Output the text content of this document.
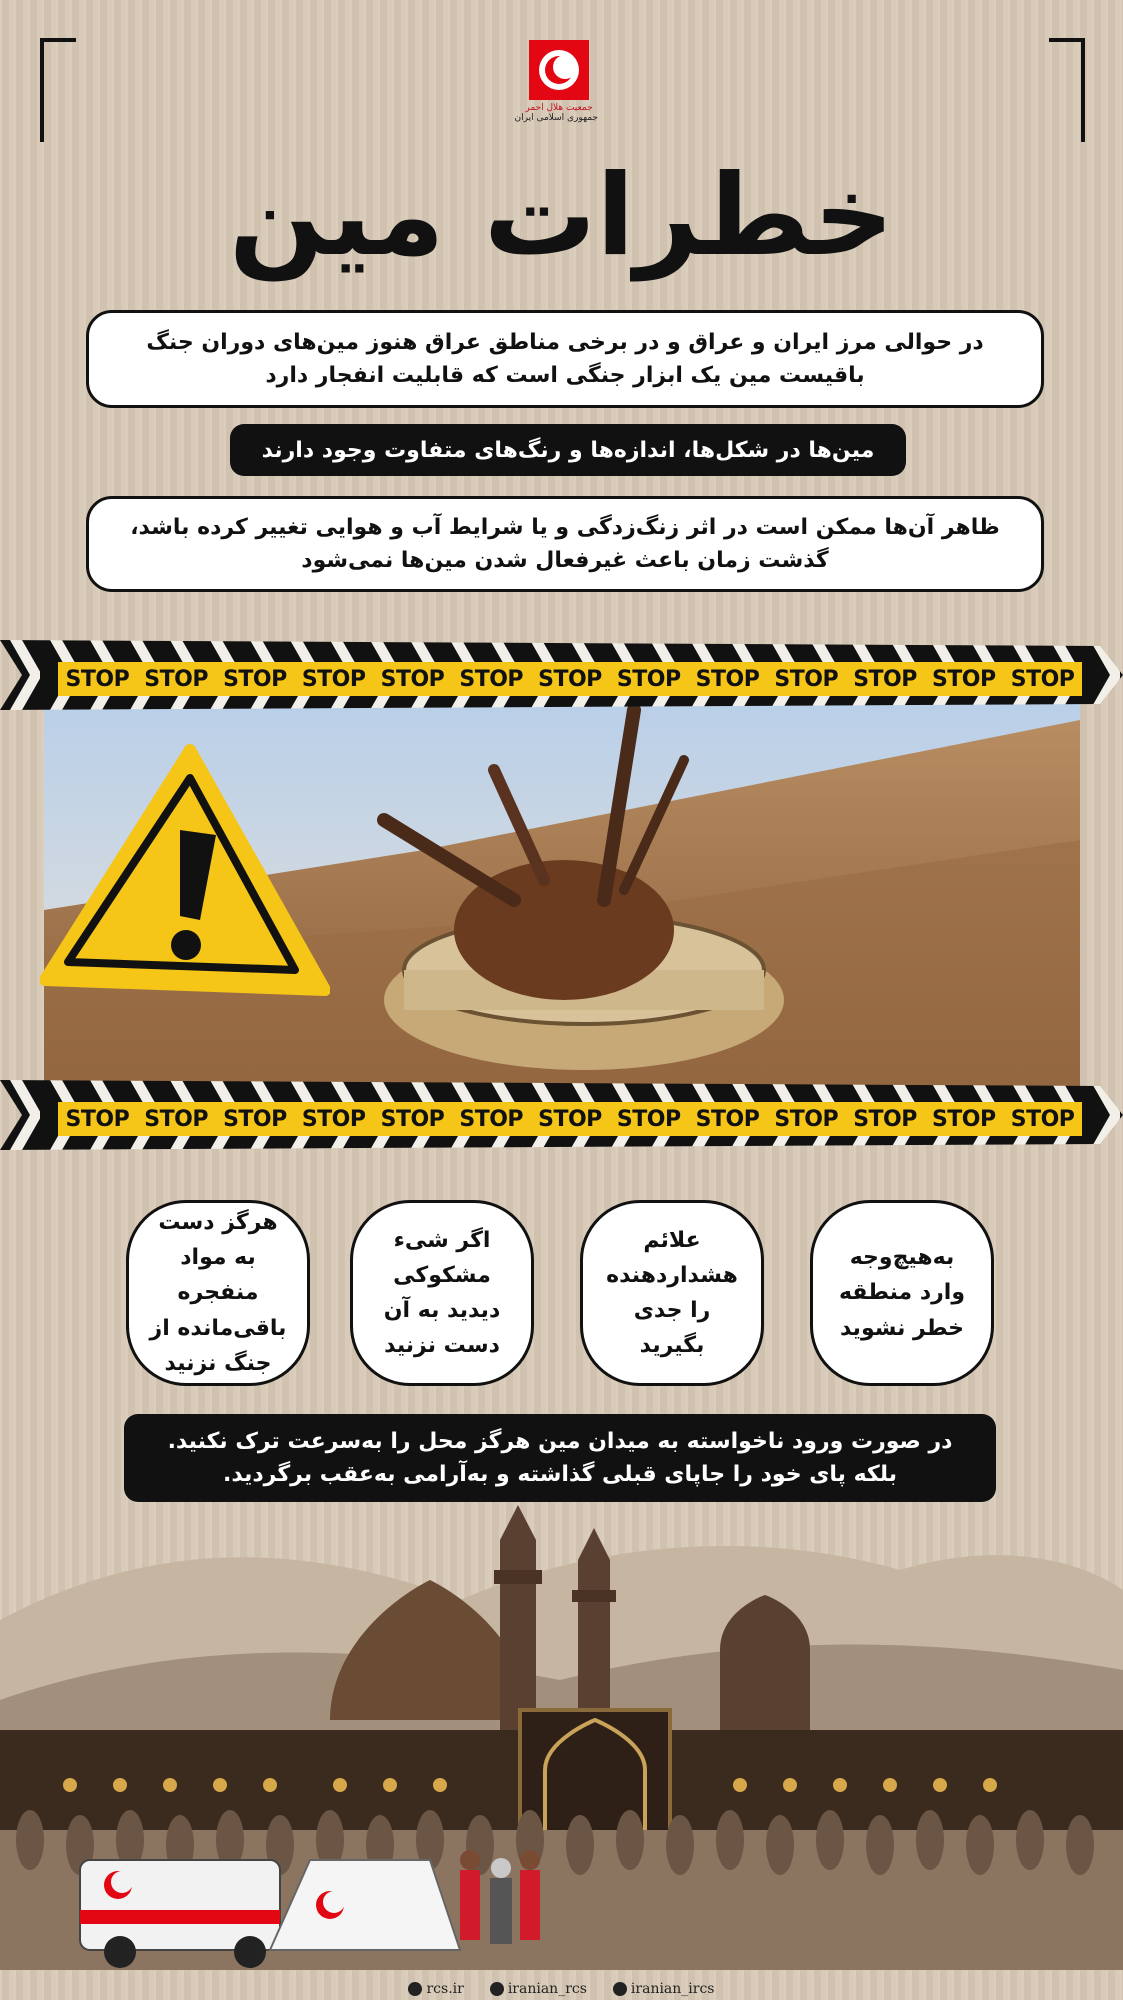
جمعیت هلال احمر
جمهوری اسلامی ایران
خطرات مین
در حوالی مرز ایران و عراق و در برخی مناطق عراق هنوز مین‌های دوران جنگ باقیست مین یک ابزار جنگی است که قابلیت انفجار دارد
مین‌ها در شکل‌ها، اندازه‌ها و رنگ‌های متفاوت وجود دارند
ظاهر آن‌ها ممکن است در اثر زنگ‌زدگی و یا شرایط آب و هوایی تغییر کرده باشد، گذشت زمان باعث غیرفعال شدن مین‌ها نمی‌شود
STOP STOP STOP STOP STOP STOP STOP STOP STOP STOP STOP STOP STOP
STOP STOP STOP STOP STOP STOP STOP STOP STOP STOP STOP STOP STOP
به‌هیچ‌وجه وارد منطقه خطر نشوید
علائم هشداردهنده را جدی بگیرید
اگر شیء مشکوکی دیدید به آن دست نزنید
هرگز دست به مواد منفجره باقی‌مانده از جنگ نزنید
در صورت ورود ناخواسته به میدان مین هرگز محل را به‌سرعت ترک نکنید. بلکه پای خود را جاپای قبلی گذاشته و به‌آرامی به‌عقب برگردید.
rcs.ir	iranian_rcs	iranian_ircs
